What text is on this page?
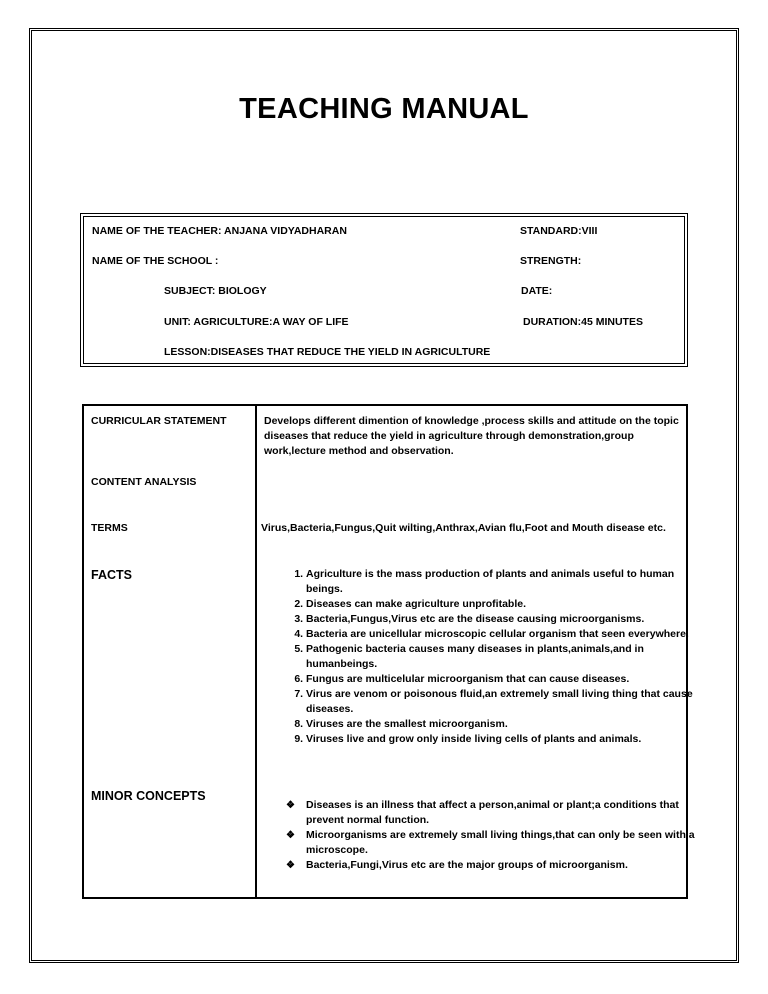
TEACHING MANUAL
NAME OF THE TEACHER: ANJANA VIDYADHARAN	STANDARD:VIII
NAME OF THE SCHOOL :	STRENGTH:
SUBJECT: BIOLOGY	DATE:
UNIT: AGRICULTURE:A WAY OF LIFE	DURATION:45 MINUTES
LESSON:DISEASES THAT REDUCE THE YIELD IN AGRICULTURE
CURRICULAR STATEMENT	Develops different dimention of knowledge ,process skills and attitude on the topic diseases that reduce the yield in agriculture through demonstration,group work,lecture method and observation.
CONTENT ANALYSIS
TERMS	Virus,Bacteria,Fungus,Quit wilting,Anthrax,Avian flu,Foot and Mouth disease etc.
FACTS
1.	Agriculture is the mass production of plants and animals useful to human beings.
2. Diseases can make agriculture unprofitable.
3. Bacteria,Fungus,Virus etc are the disease causing microorganisms.
4. Bacteria are unicellular microscopic cellular organism that seen everywhere.
5. Pathogenic bacteria causes many diseases in plants,animals,and in humanbeings.
6. Fungus are multicelular microorganism that can cause diseases.
7. Virus are venom or poisonous fluid,an extremely small living thing that cause diseases.
8. Viruses are the smallest microorganism.
9. Viruses live and grow only inside living cells of plants and animals.
MINOR CONCEPTS
❖ Diseases is an illness that affect a person,animal or plant;a conditions that prevent normal function.
❖ Microorganisms are extremely small living things,that can only be seen with a microscope.
❖ Bacteria,Fungi,Virus etc are the major groups of microorganism.
